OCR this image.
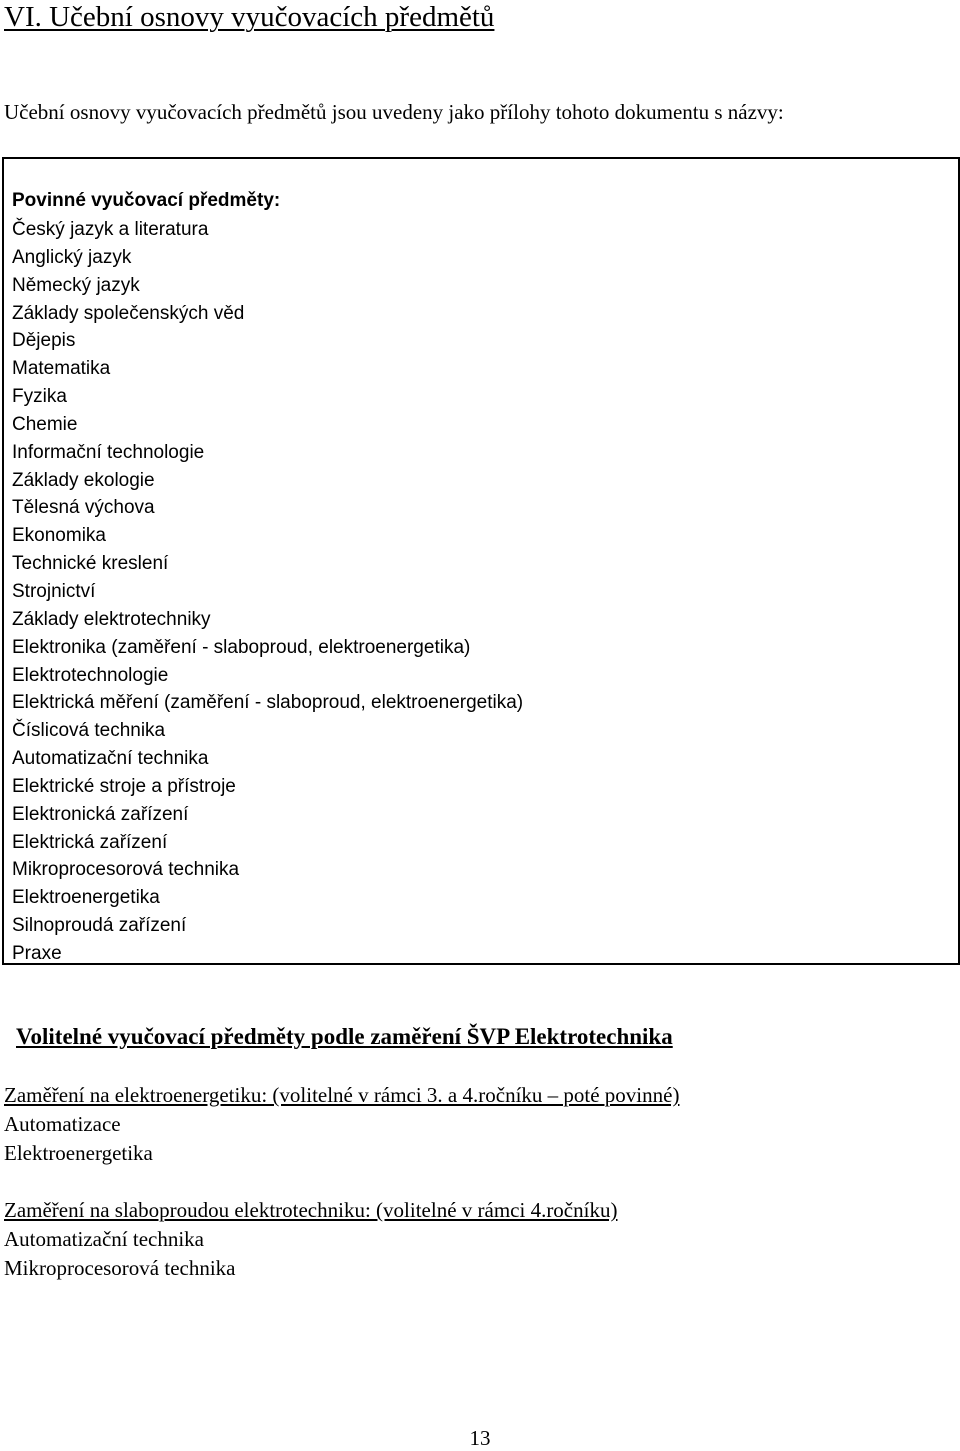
VI. Učební osnovy vyučovacích předmětů
Učební osnovy vyučovacích předmětů jsou uvedeny jako přílohy tohoto dokumentu s názvy:
Povinné vyučovací předměty:
Český jazyk a literatura
Anglický jazyk
Německý jazyk
Základy společenských věd
Dějepis
Matematika
Fyzika
Chemie
Informační technologie
Základy ekologie
Tělesná výchova
Ekonomika
Technické kreslení
Strojnictví
Základy elektrotechniky
Elektronika (zaměření - slaboproud, elektroenergetika)
Elektrotechnologie
Elektrická měření (zaměření - slaboproud, elektroenergetika)
Číslicová technika
Automatizační technika
Elektrické stroje a přístroje
Elektronická zařízení
Elektrická zařízení
Mikroprocesorová technika
Elektroenergetika
Silnoproudá zařízení
Praxe
Volitelné vyučovací předměty podle zaměření ŠVP Elektrotechnika
Zaměření na elektroenergetiku: (volitelné v rámci 3. a 4.ročníku – poté povinné)
Automatizace
Elektroenergetika
Zaměření na slaboproudou elektrotechniku: (volitelné v rámci 4.ročníku)
Automatizační technika
Mikroprocesorová technika
13
